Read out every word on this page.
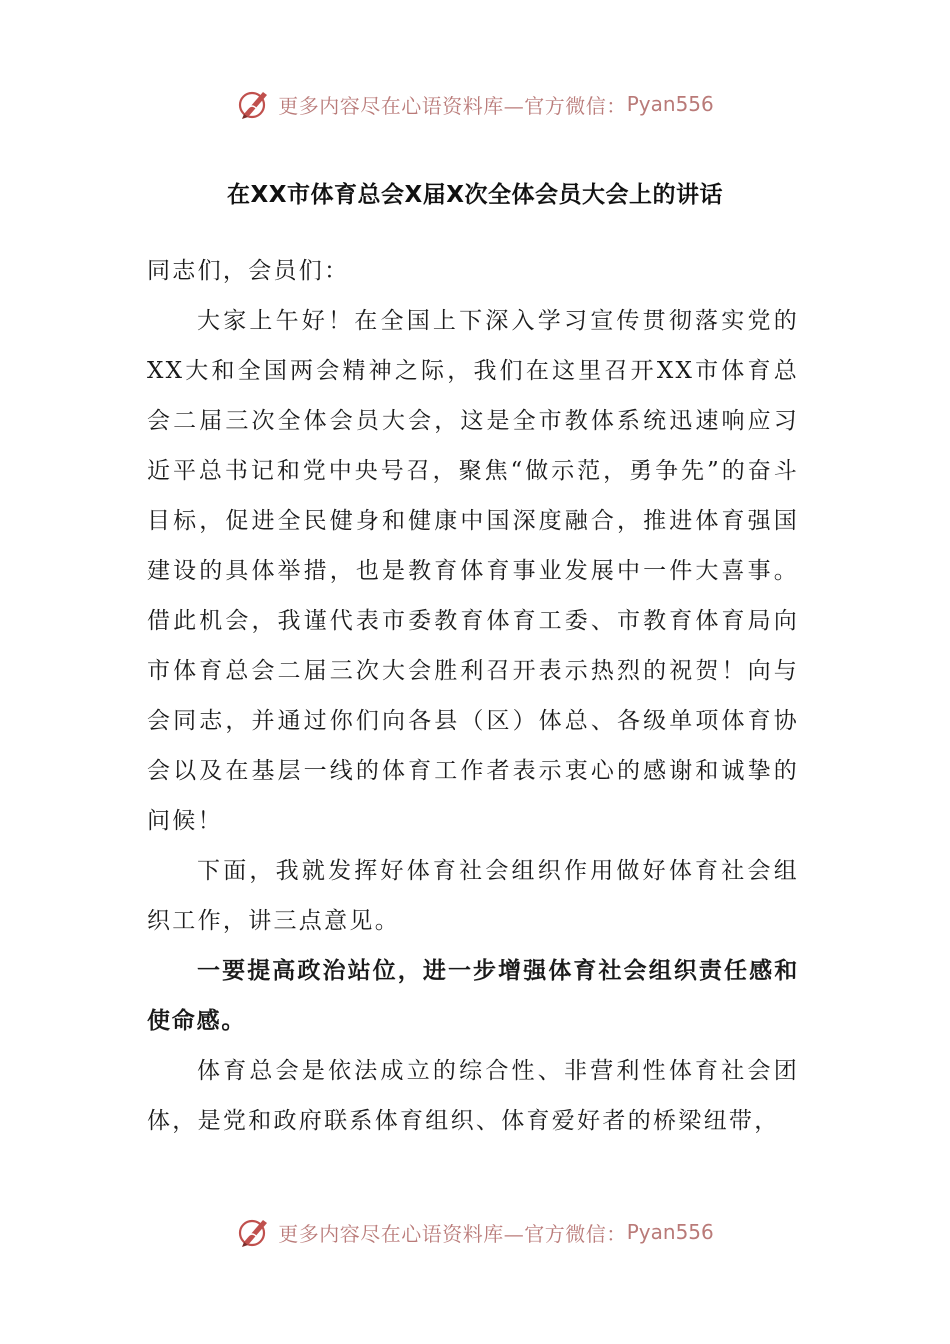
更多内容尽在心语资料库—官方微信： Pyan556
在XX市体育总会X届X次全体会员大会上的讲话

同志们，会员们：

大家上午好！在全国上下深入学习宣传贯彻落实党的XX大和全国两会精神之际，我们在这里召开XX市体育总会二届三次全体会员大会，这是全市教体系统迅速响应习近平总书记和党中央号召，聚焦“做示范，勇争先”的奋斗目标，促进全民健身和健康中国深度融合，推进体育强国建设的具体举措，也是教育体育事业发展中一件大喜事。借此机会，我谨代表市委教育体育工委、市教育体育局向市体育总会二届三次大会胜利召开表示热烈的祝贺！向与会同志，并通过你们向各县（区）体总、各级单项体育协会以及在基层一线的体育工作者表示衷心的感谢和诚挚的问候！

下面，我就发挥好体育社会组织作用做好体育社会组织工作，讲三点意见。

一要提高政治站位，进一步增强体育社会组织责任感和使命感。

体育总会是依法成立的综合性、非营利性体育社会团体，是党和政府联系体育组织、体育爱好者的桥梁纽带，

更多内容尽在心语资料库—官方微信： Pyan556
